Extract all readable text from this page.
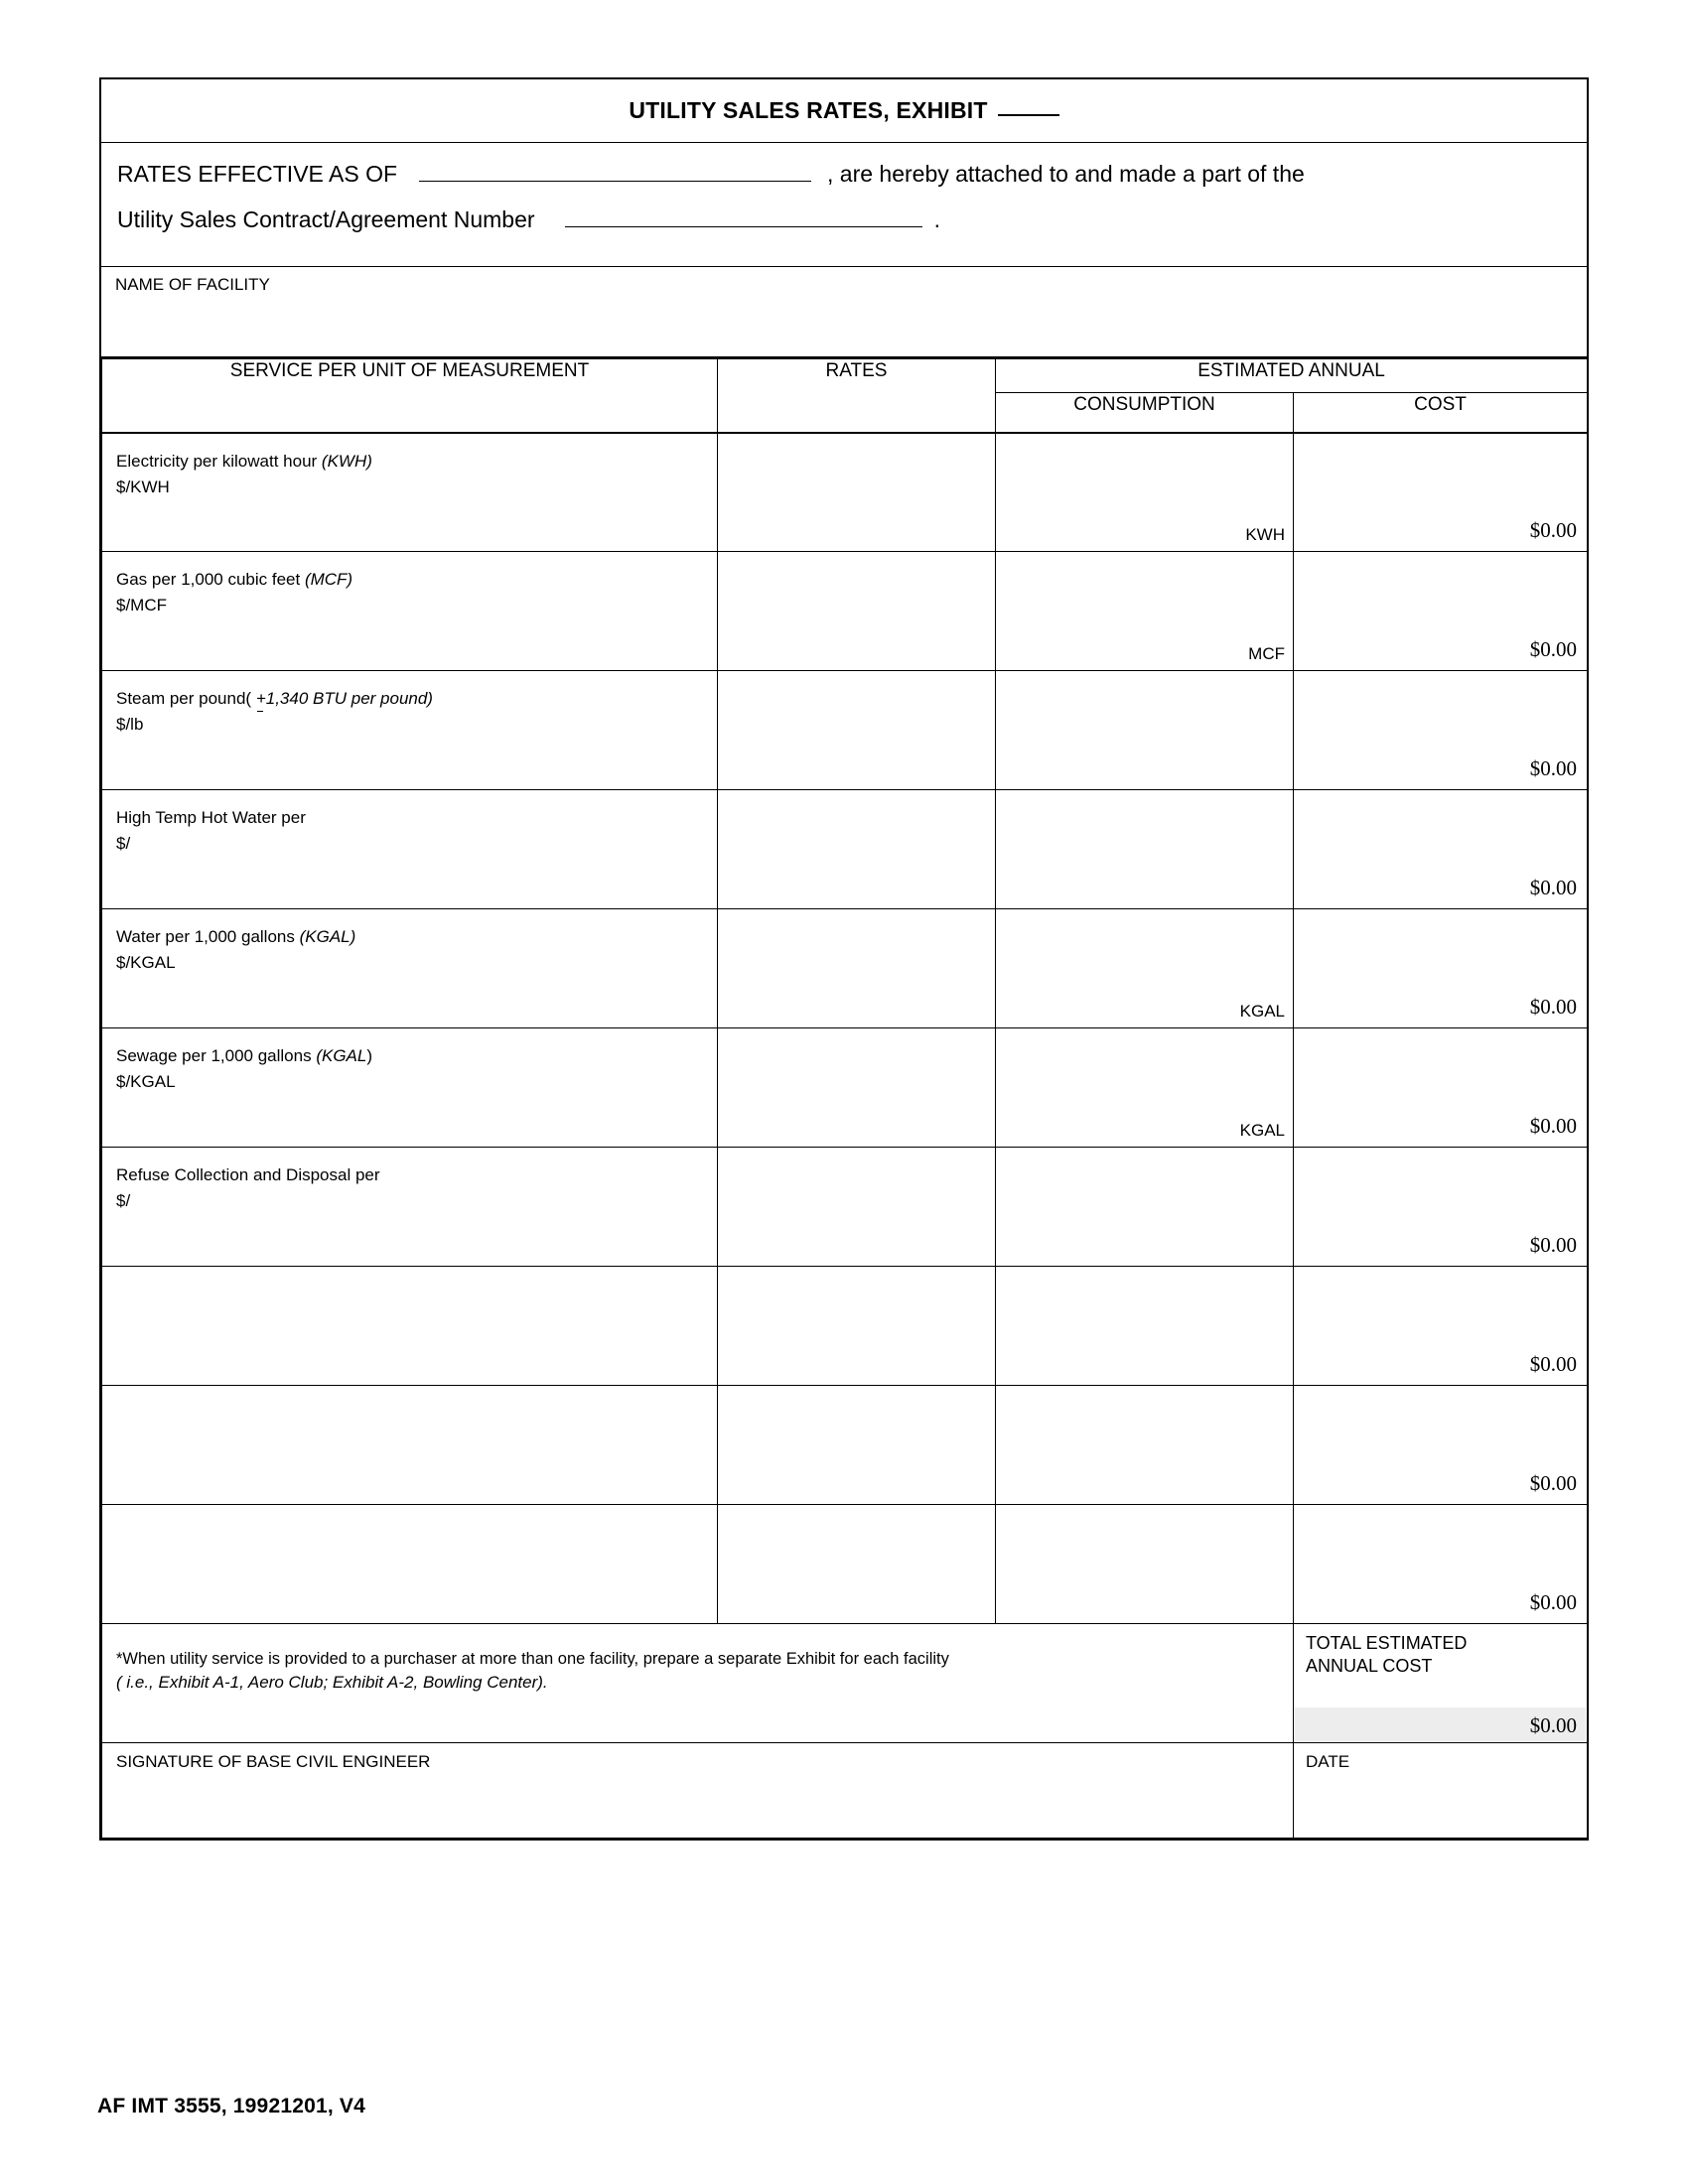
UTILITY SALES RATES, EXHIBIT
RATES EFFECTIVE AS OF	, are hereby attached to and made a part of the
Utility Sales Contract/Agreement Number	.
NAME OF FACILITY
SERVICE PER UNIT OF MEASUREMENT	RATES	ESTIMATED ANNUAL	
		CONSUMPTION	COST

Electricity per kilowatt hour (KWH)
$/KWH		KWH	$0.00

Gas per 1,000 cubic feet (MCF)
$/MCF		MCF	$0.00

Steam per pound( +1,340 BTU per pound)
$/lb			$0.00

High Temp Hot Water per
$/			$0.00

Water per 1,000 gallons (KGAL)
$/KGAL		KGAL	$0.00

Sewage per 1,000 gallons (KGAL)
$/KGAL		KGAL	$0.00

Refuse Collection and Disposal per
$/			$0.00

			$0.00

			$0.00

			$0.00

*When utility service is provided to a purchaser at more than one facility, prepare a separate Exhibit for each facility
( i.e., Exhibit A-1, Aero Club; Exhibit A-2, Bowling Center).

TOTAL ESTIMATED
ANNUAL COST
$0.00

SIGNATURE OF BASE CIVIL ENGINEER			DATE
AF IMT 3555, 19921201, V4
